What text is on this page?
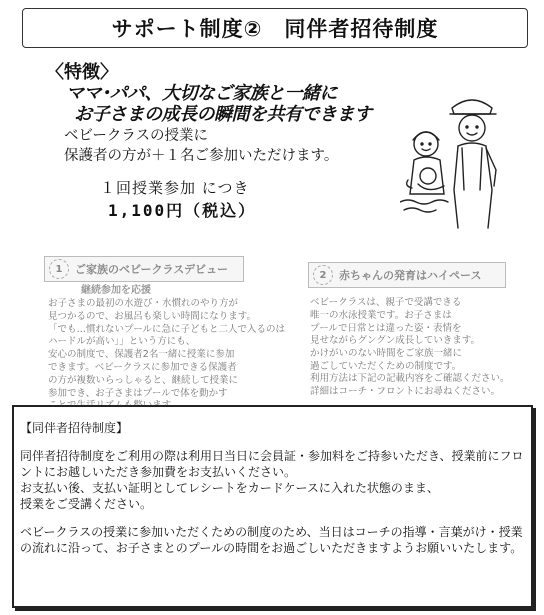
サポート制度②　同伴者招待制度
〈特徴〉
ママ･パパ、大切なご家族と一緒に
お子さまの成長の瞬間を共有できます
ベビークラスの授業に
保護者の方が＋１名ご参加いただけます。
１回授業参加 につき
1,100円（税込）
1	ご家族のベビークラスデビュー
継続参加を応援
お子さまの最初の水遊び・水慣れのやり方が
見つかるので、お風呂も楽しい時間になります。
「でも…慣れないプールに急に子どもと二人で入るのは
ハードルが高い」」という方にも、
安心の制度で、保護者2名一緒に授業に参加
できます。ベビークラスに参加できる保護者
の方が複数いらっしゃると、継続して授業に
参加でき、お子さまはプールで体を動かす
2	赤ちゃんの発育はハイペース
ベビークラスは、親子で受講できる
唯一の水泳授業です。お子さまは
プールで日常とは違った姿・表情を
見せながらグングン成長していきます。
かけがいのない時間をご家族一緒に
過ごしていただくための制度です。
利用方法は下記の記載内容をご確認ください。
詳細はコーチ・フロントにお尋ねください。
【同伴者招待制度】
同伴者招待制度をご利用の際は利用日当日に会員証・参加料をご持参いただき、授業前にフロ
ントにお越しいただき参加費をお支払いください。
お支払い後、支払い証明としてレシートをカードケースに入れた状態のまま、
授業をご受講ください。
ベビークラスの授業に参加いただくための制度のため、当日はコーチの指導・言葉がけ・授業
の流れに沿って、お子さまとのプールの時間をお過ごしいただきますようお願いいたします。
